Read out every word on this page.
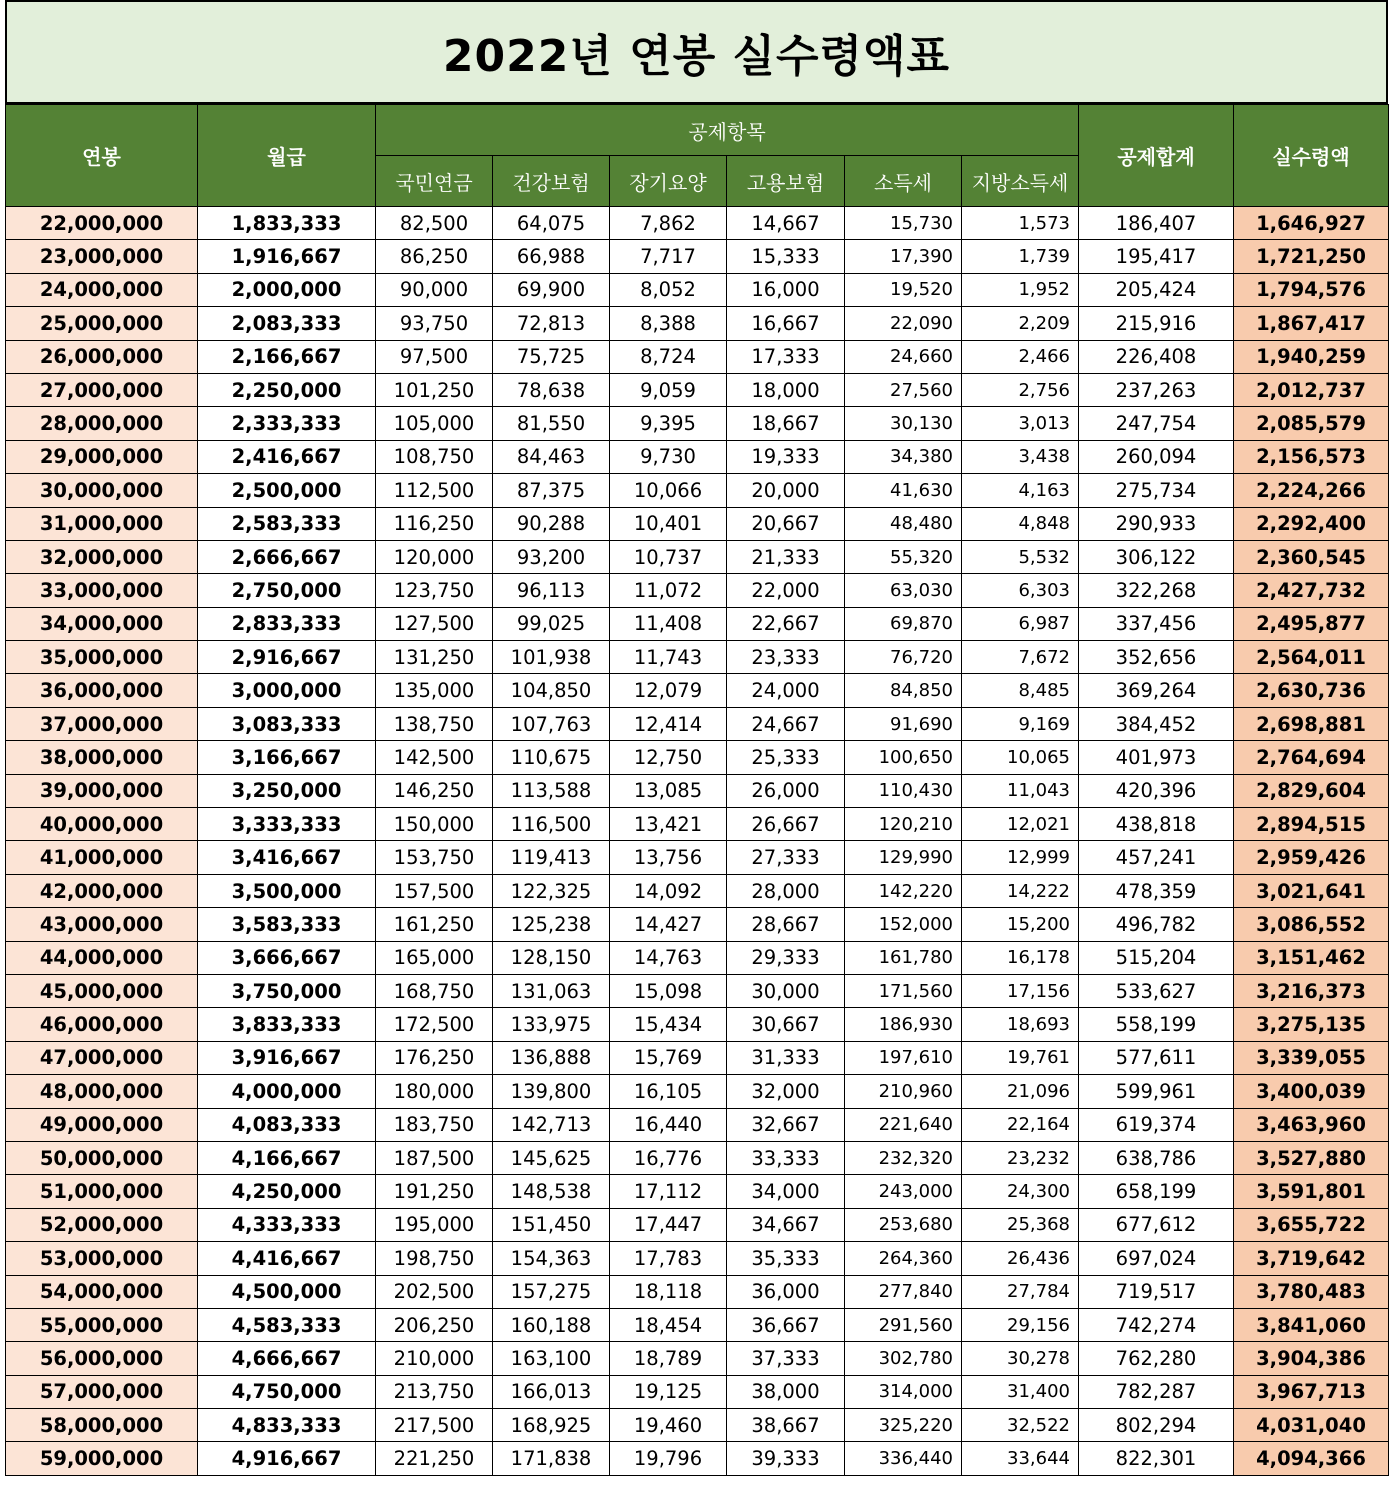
2022년 연봉 실수령액표
연봉	월급	공제항목						공제합계	실수령액
		국민연금	건강보험	장기요양	고용보험	소득세	지방소득세		
22,000,000	1,833,333	82,500	64,075	7,862	14,667	15,730	1,573	186,407	1,646,927
23,000,000	1,916,667	86,250	66,988	7,717	15,333	17,390	1,739	195,417	1,721,250
24,000,000	2,000,000	90,000	69,900	8,052	16,000	19,520	1,952	205,424	1,794,576
25,000,000	2,083,333	93,750	72,813	8,388	16,667	22,090	2,209	215,916	1,867,417
26,000,000	2,166,667	97,500	75,725	8,724	17,333	24,660	2,466	226,408	1,940,259
27,000,000	2,250,000	101,250	78,638	9,059	18,000	27,560	2,756	237,263	2,012,737
28,000,000	2,333,333	105,000	81,550	9,395	18,667	30,130	3,013	247,754	2,085,579
29,000,000	2,416,667	108,750	84,463	9,730	19,333	34,380	3,438	260,094	2,156,573
30,000,000	2,500,000	112,500	87,375	10,066	20,000	41,630	4,163	275,734	2,224,266
31,000,000	2,583,333	116,250	90,288	10,401	20,667	48,480	4,848	290,933	2,292,400
32,000,000	2,666,667	120,000	93,200	10,737	21,333	55,320	5,532	306,122	2,360,545
33,000,000	2,750,000	123,750	96,113	11,072	22,000	63,030	6,303	322,268	2,427,732
34,000,000	2,833,333	127,500	99,025	11,408	22,667	69,870	6,987	337,456	2,495,877
35,000,000	2,916,667	131,250	101,938	11,743	23,333	76,720	7,672	352,656	2,564,011
36,000,000	3,000,000	135,000	104,850	12,079	24,000	84,850	8,485	369,264	2,630,736
37,000,000	3,083,333	138,750	107,763	12,414	24,667	91,690	9,169	384,452	2,698,881
38,000,000	3,166,667	142,500	110,675	12,750	25,333	100,650	10,065	401,973	2,764,694
39,000,000	3,250,000	146,250	113,588	13,085	26,000	110,430	11,043	420,396	2,829,604
40,000,000	3,333,333	150,000	116,500	13,421	26,667	120,210	12,021	438,818	2,894,515
41,000,000	3,416,667	153,750	119,413	13,756	27,333	129,990	12,999	457,241	2,959,426
42,000,000	3,500,000	157,500	122,325	14,092	28,000	142,220	14,222	478,359	3,021,641
43,000,000	3,583,333	161,250	125,238	14,427	28,667	152,000	15,200	496,782	3,086,552
44,000,000	3,666,667	165,000	128,150	14,763	29,333	161,780	16,178	515,204	3,151,462
45,000,000	3,750,000	168,750	131,063	15,098	30,000	171,560	17,156	533,627	3,216,373
46,000,000	3,833,333	172,500	133,975	15,434	30,667	186,930	18,693	558,199	3,275,135
47,000,000	3,916,667	176,250	136,888	15,769	31,333	197,610	19,761	577,611	3,339,055
48,000,000	4,000,000	180,000	139,800	16,105	32,000	210,960	21,096	599,961	3,400,039
49,000,000	4,083,333	183,750	142,713	16,440	32,667	221,640	22,164	619,374	3,463,960
50,000,000	4,166,667	187,500	145,625	16,776	33,333	232,320	23,232	638,786	3,527,880
51,000,000	4,250,000	191,250	148,538	17,112	34,000	243,000	24,300	658,199	3,591,801
52,000,000	4,333,333	195,000	151,450	17,447	34,667	253,680	25,368	677,612	3,655,722
53,000,000	4,416,667	198,750	154,363	17,783	35,333	264,360	26,436	697,024	3,719,642
54,000,000	4,500,000	202,500	157,275	18,118	36,000	277,840	27,784	719,517	3,780,483
55,000,000	4,583,333	206,250	160,188	18,454	36,667	291,560	29,156	742,274	3,841,060
56,000,000	4,666,667	210,000	163,100	18,789	37,333	302,780	30,278	762,280	3,904,386
57,000,000	4,750,000	213,750	166,013	19,125	38,000	314,000	31,400	782,287	3,967,713
58,000,000	4,833,333	217,500	168,925	19,460	38,667	325,220	32,522	802,294	4,031,040
59,000,000	4,916,667	221,250	171,838	19,796	39,333	336,440	33,644	822,301	4,094,366
